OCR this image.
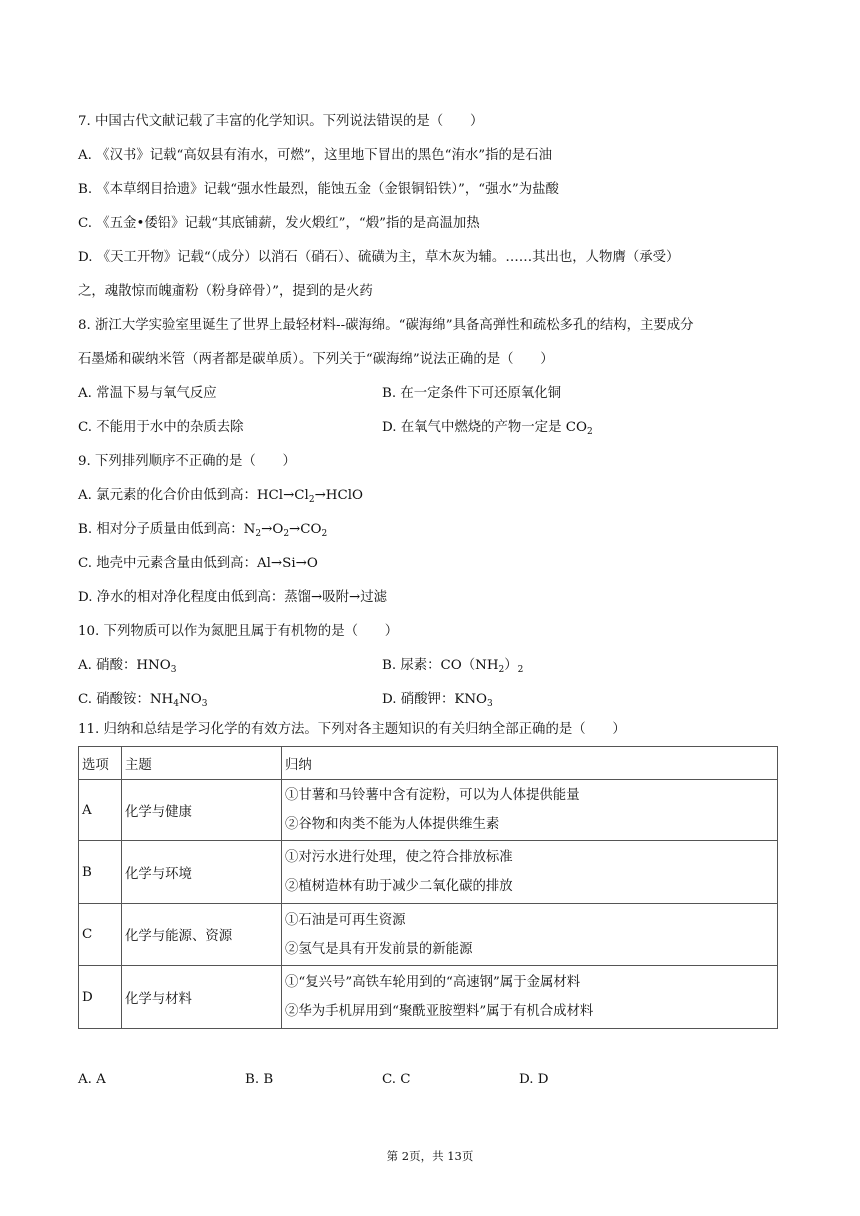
7. 中国古代文献记载了丰富的化学知识。下列说法错误的是（　　）
A. 《汉书》记载“高奴县有洧水，可燃”，这里地下冒出的黑色“洧水”指的是石油
B. 《本草纲目拾遗》记载“强水性最烈，能蚀五金（金银铜铅铁）”，“强水”为盐酸
C. 《五金•倭铅》记载“其底铺薪，发火煅红”，“煅”指的是高温加热
D. 《天工开物》记载“（成分）以消石（硝石）、硫磺为主，草木灰为辅。……其出也，人物膺（承受）
之，魂散惊而魄齑粉（粉身碎骨）”，提到的是火药
8. 浙江大学实验室里诞生了世界上最轻材料--碳海绵。“碳海绵”具备高弹性和疏松多孔的结构，主要成分
石墨烯和碳纳米管（两者都是碳单质）。下列关于“碳海绵”说法正确的是（　　）
A. 常温下易与氧气反应	B. 在一定条件下可还原氧化铜
C. 不能用于水中的杂质去除	D. 在氧气中燃烧的产物一定是 $CO_2$
9. 下列排列顺序不正确的是（　　）
A. 氯元素的化合价由低到高：$HCl\to Cl_2\to HClO$
B. 相对分子质量由低到高：$N_2\to O_2\to CO_2$
C. 地壳中元素含量由低到高：Al→Si→O
D. 净水的相对净化程度由低到高：蒸馏→吸附→过滤
10. 下列物质可以作为氮肥且属于有机物的是（　　）
A. 硝酸：$HNO_3$	B. 尿素：$CO(NH_2)_2$
C. 硝酸铵：$NH_4NO_3$	D. 硝酸钾：$KNO_3$
11. 归纳和总结是学习化学的有效方法。下列对各主题知识的有关归纳全部正确的是（　　）
选项	主题	归纳
A	化学与健康	①甘薯和马铃薯中含有淀粉，可以为人体提供能量
②谷物和肉类不能为人体提供维生素

B	化学与环境	①对污水进行处理，使之符合排放标准
②植树造林有助于减少二氧化碳的排放

C	化学与能源、资源	①石油是可再生资源
②氢气是具有开发前景的新能源

D	化学与材料	①“复兴号”高铁车轮用到的“高速钢”属于金属材料
②华为手机屏用到“聚酰亚胺塑料”属于有机合成材料
A. A	B. B	C. C	D. D
第 2页，共 13页
